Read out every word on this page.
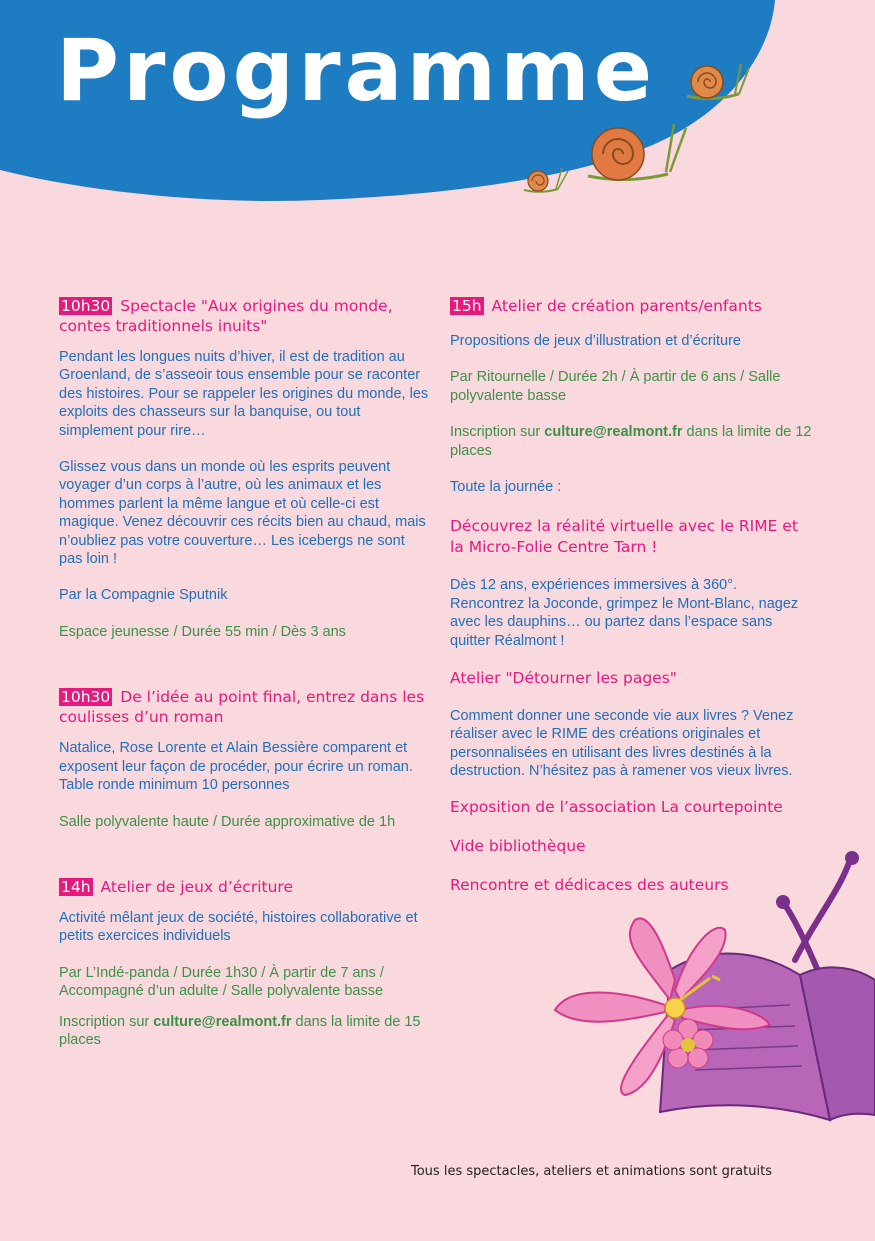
Programme

10h30 Spectacle "Aux origines du monde, contes traditionnels inuits"

Pendant les longues nuits d’hiver, il est de tradition au Groenland, de s’asseoir tous ensemble pour se raconter des histoires. Pour se rappeler les origines du monde, les exploits des chasseurs sur la banquise, ou tout simplement pour rire…

Glissez vous dans un monde où les esprits peuvent voyager d’un corps à l’autre, où les animaux et les hommes parlent la même langue et où celle-ci est magique. Venez découvrir ces récits bien au chaud, mais n’oubliez pas votre couverture… Les icebergs ne sont pas loin !

Par la Compagnie Sputnik

Espace jeunesse / Durée 55 min / Dès 3 ans

10h30 De l’idée au point final, entrez dans les coulisses d’un roman

Natalice, Rose Lorente et Alain Bessière comparent et exposent leur façon de procéder, pour écrire un roman. Table ronde minimum 10 personnes

Salle polyvalente haute / Durée approximative de 1h

14h Atelier de jeux d’écriture

Activité mêlant jeux de société, histoires collaborative et petits exercices individuels

Par L’Indé-panda / Durée 1h30 / À partir de 7 ans / Accompagné d’un adulte / Salle polyvalente basse

Inscription sur culture@realmont.fr dans la limite de 15 places

15h Atelier de création parents/enfants

Propositions de jeux d’illustration et d’écriture

Par Ritournelle / Durée 2h / À partir de 6 ans / Salle polyvalente basse

Inscription sur culture@realmont.fr dans la limite de 12 places

Toute la journée :

Découvrez la réalité virtuelle avec le RIME et la Micro-Folie Centre Tarn !

Dès 12 ans, expériences immersives à 360°. Rencontrez la Joconde, grimpez le Mont-Blanc, nagez avec les dauphins… ou partez dans l’espace sans quitter Réalmont !

Atelier "Détourner les pages"

Comment donner une seconde vie aux livres ? Venez réaliser avec le RIME des créations originales et personnalisées en utilisant des livres destinés à la destruction. N’hésitez pas à ramener vos vieux livres.

Exposition de l’association La courtepointe

Vide bibliothèque

Rencontre et dédicaces des auteurs

Tous les spectacles, ateliers et animations sont gratuits
